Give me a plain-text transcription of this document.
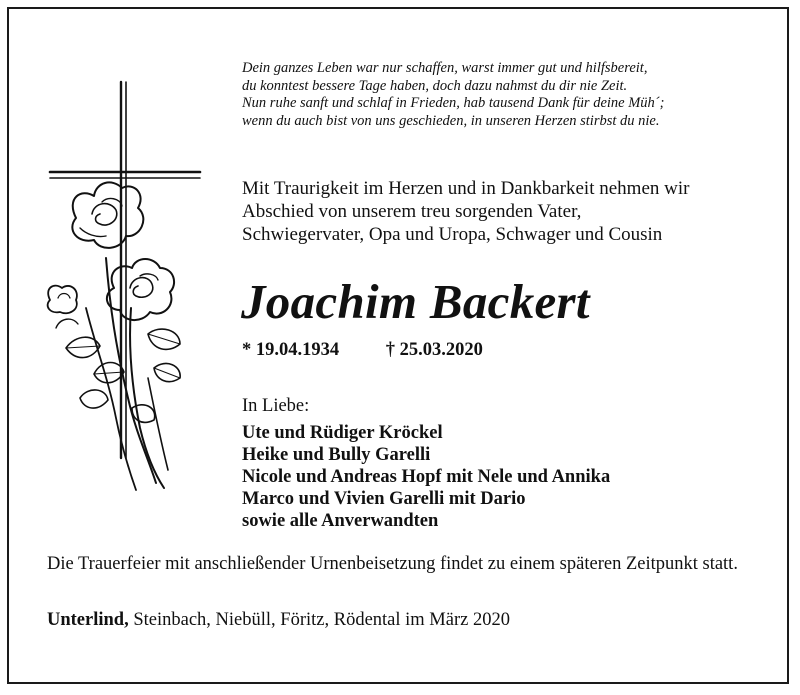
Dein ganzes Leben war nur schaffen, warst immer gut und hilfsbereit,
du konntest bessere Tage haben, doch dazu nahmst du dir nie Zeit.
Nun ruhe sanft und schlaf in Frieden, hab tausend Dank für deine Müh´;
wenn du auch bist von uns geschieden, in unseren Herzen stirbst du nie.
Mit Traurigkeit im Herzen und in Dankbarkeit nehmen wir
Abschied von unserem treu sorgenden Vater,
Schwiegervater, Opa und Uropa, Schwager und Cousin
Joachim Backert
* 19.04.1934	† 25.03.2020
In Liebe:
Ute und Rüdiger Kröckel
Heike und Bully Garelli
Nicole und Andreas Hopf mit Nele und Annika
Marco und Vivien Garelli mit Dario
sowie alle Anverwandten
Die Trauerfeier mit anschließender Urnenbeisetzung findet zu einem späteren Zeitpunkt statt.
Unterlind, Steinbach, Niebüll, Föritz, Rödental im März 2020
